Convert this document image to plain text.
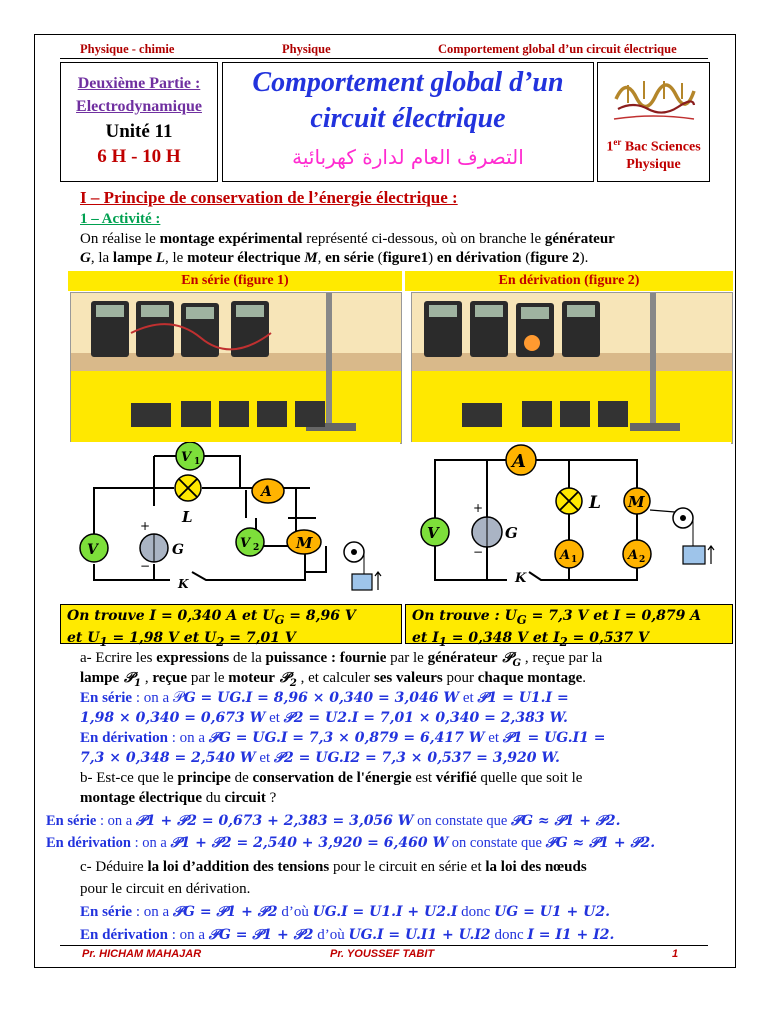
Physique - chimie	Physique	Comportement global d’un circuit électrique
Deuxième Partie :
Electrodynamique
Unité 11
6 H - 10 H
Comportement global d’un
circuit électrique
التصرف العام لدارة كهربائية	1er Bac Sciences
Physique
I – Principe de conservation de l’énergie électrique :
1 – Activité :
On réalise le montage expérimental représenté ci-dessous, où on branche le générateur
G, la lampe L, le moteur électrique M, en série (figure1) en dérivation (figure 2).
En série (figure 1)	En dérivation (figure 2)
V 1
L
A
V 2 M
V	G
+
−
K
A
V	G
+
−
L M
A 1	A 2
K
On trouve I = 0,340 A et $U_G = 8,96$ V
et $U_1 = 1,98$ V et $U_2 = 7,01$ V
On trouve : $U_G = 7,3$ V et I = 0,879 A
et $I_1 = 0,348$ V et $I_2 = 0,537$ V
a- Ecrire les expressions de la puissance : fournie par le générateur 𝒫$_G$ , reçue par la
lampe 𝒫$_1$ , reçue par le moteur 𝒫$_2$ , et calculer ses valeurs pour chaque montage.
En série : on a 𝒫G = UG.I = 8,96 × 0,340 = 3,046 W et 𝒫1 = U1.I =
1,98 × 0,340 = 0,673 W et 𝒫2 = U2.I = 7,01 × 0,340 = 2,383 W.
En dérivation : on a 𝒫G = UG.I = 7,3 × 0,879 = 6,417 W et 𝒫1 = UG.I1 =
7,3 × 0,348 = 2,540 W et 𝒫2 = UG.I2 = 7,3 × 0,537 = 3,920 W.
b- Est-ce que le principe de conservation de l'énergie est vérifié quelle que soit le
montage électrique du circuit ?
En série : on a 𝒫1 + 𝒫2 = 0,673 + 2,383 = 3,056 W on constate que 𝒫G ≈ 𝒫1 + 𝒫2.
En dérivation : on a 𝒫1 + 𝒫2 = 2,540 + 3,920 = 6,460 W on constate que 𝒫G ≈ 𝒫1 + 𝒫2.
c- Déduire la loi d’addition des tensions pour le circuit en série et la loi des nœuds
pour le circuit en dérivation.
En série : on a 𝒫G = 𝒫1 + 𝒫2 d’où UG.I = U1.I + U2.I donc UG = U1 + U2.
En dérivation : on a 𝒫G = 𝒫1 + 𝒫2 d’où UG.I = U.I1 + U.I2 donc I = I1 + I2.
Pr. HICHAM MAHAJAR	Pr. YOUSSEF TABIT	1
